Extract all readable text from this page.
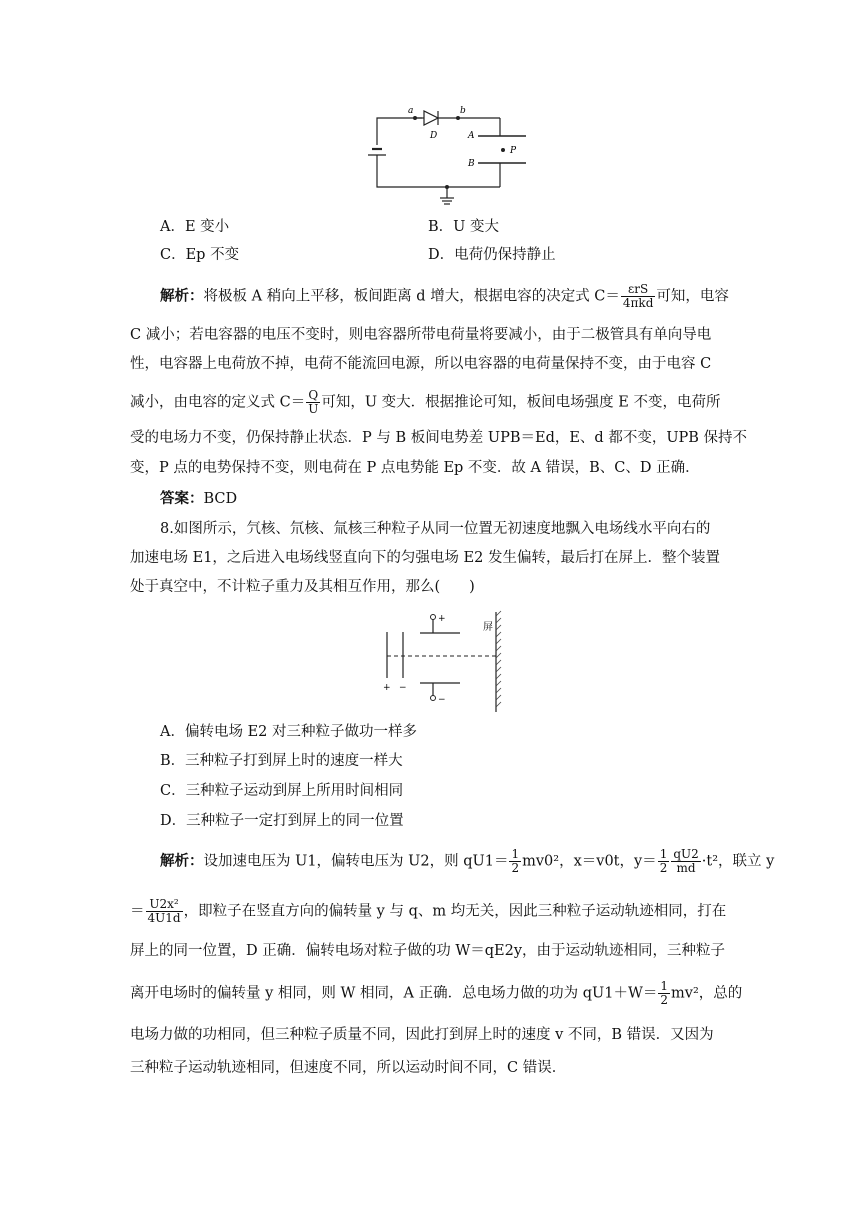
a	b
D	A
P
B
A．E 变小	B．U 变大
C．Ep 不变	D．电荷仍保持静止
解析：将极板 A 稍向上平移，板间距离 d 增大，根据电容的决定式 $C= \frac{\text{εrS}}{\text{4πkd}}$ 可知，电容
C 减小；若电容器的电压不变时，则电容器所带电荷量将要减小，由于二极管具有单向导电
性，电容器上电荷放不掉，电荷不能流回电源，所以电容器的电荷量保持不变，由于电容 C
减小，由电容的定义式 $C= \frac{Q}{U}$ 可知，U 变大．根据推论可知，板间电场强度 E 不变，电荷所
受的电场力不变，仍保持静止状态．P 与 B 板间电势差 UPB＝Ed，E、d 都不变，UPB 保持不
变，P 点的电势保持不变，则电荷在 P 点电势能 Ep 不变．故 A 错误，B、C、D 正确．
答案：BCD
8.如图所示，氕核、氘核、氚核三种粒子从同一位置无初速度地飘入电场线水平向右的
加速电场 E1，之后进入电场线竖直向下的匀强电场 E2 发生偏转，最后打在屏上．整个装置
处于真空中，不计粒子重力及其相互作用，那么(　　)
屏
+
−
+ −
A．偏转电场 E2 对三种粒子做功一样多
B．三种粒子打到屏上时的速度一样大
C．三种粒子运动到屏上所用时间相同
D．三种粒子一定打到屏上的同一位置
解析：设加速电压为 U1，偏转电压为 U2，则 $qU1= \frac{1}{2} mv0^2$，x＝v0t，$y= \frac{1}{2} \frac{qU2}{md} \cdot t^2$，联立 y
＝ $\frac{\text{U2x²}}{4U1d}$ ，即粒子在竖直方向的偏转量 y 与 q、m 均无关，因此三种粒子运动轨迹相同，打在
屏上的同一位置，D 正确．偏转电场对粒子做的功 W＝qE2y，由于运动轨迹相同，三种粒子
离开电场时的偏转量 y 相同，则 W 相同，A 正确．总电场力做的功为 $qU1+W= \frac{1}{2} mv^2$，总的
电场力做的功相同，但三种粒子质量不同，因此打到屏上时的速度 v 不同，B 错误．又因为
三种粒子运动轨迹相同，但速度不同，所以运动时间不同，C 错误．
